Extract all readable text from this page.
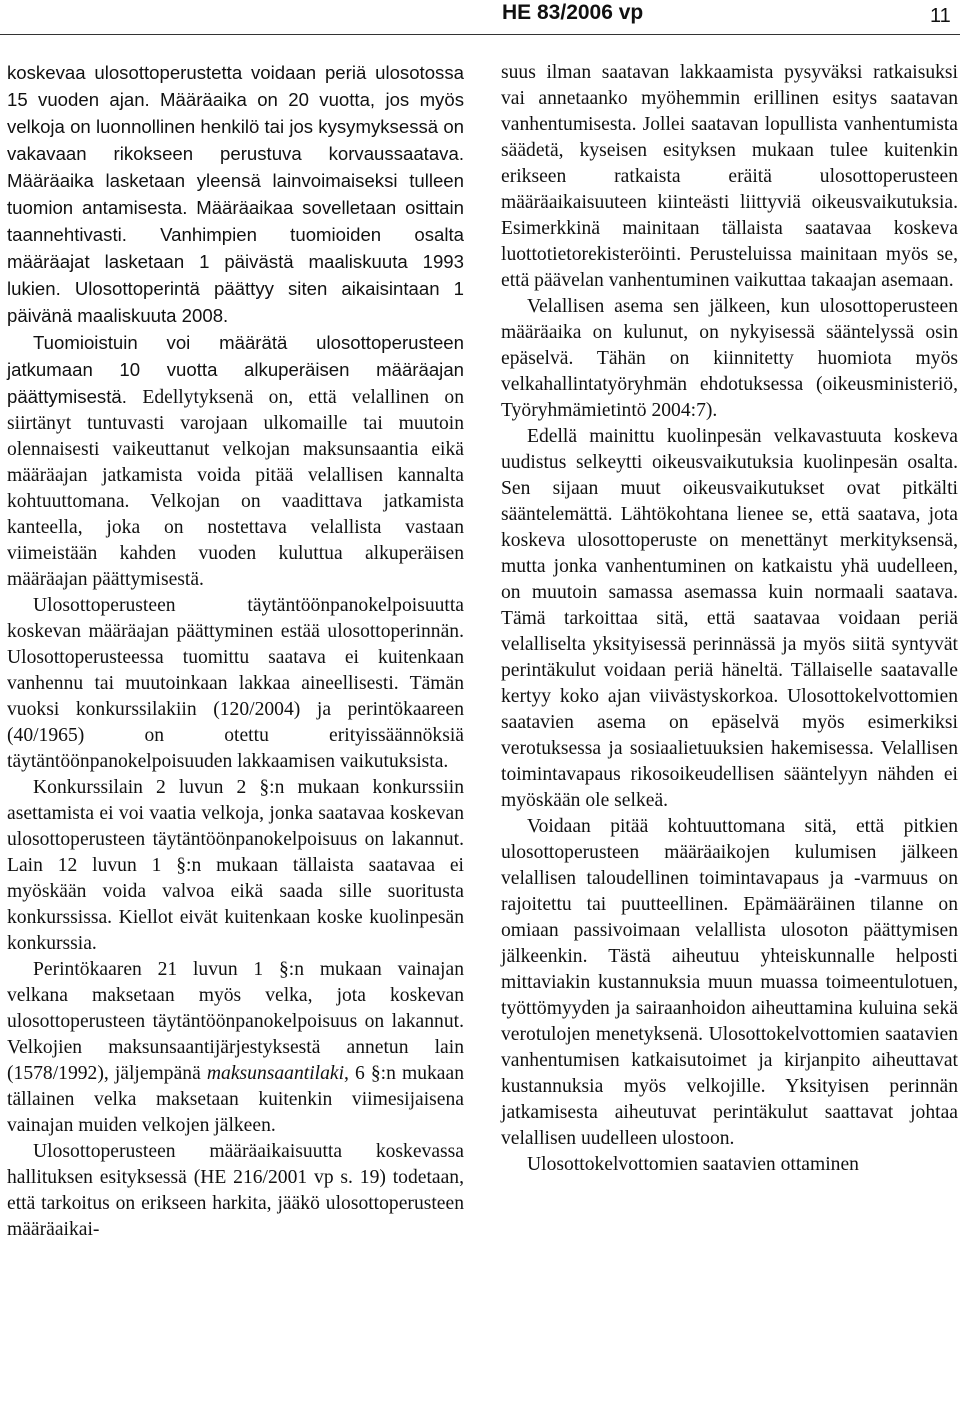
HE 83/2006 vp	11

koskevaa ulosottoperustetta voidaan periä ulosotossa 15 vuoden ajan. Määräaika on 20 vuotta, jos myös velkoja on luonnollinen henkilö tai jos kysymyksessä on vakavaan rikokseen perustuva korvaussaatava. Määräaika lasketaan yleensä lainvoimaiseksi tulleen tuomion antamisesta. Määräaikaa sovelletaan osittain taannehtivasti. Vanhimpien tuomioiden osalta määräajat lasketaan 1 päivästä maaliskuuta 1993 lukien. Ulosottoperintä päättyy siten aikaisintaan 1 päivänä maaliskuuta 2008.

Tuomioistuin voi määrätä ulosottoperusteen jatkumaan 10 vuotta alkuperäisen määräajan päättymisestä. Edellytyksenä on, että velallinen on siirtänyt tuntuvasti varojaan ulkomaille tai muutoin olennaisesti vaikeuttanut velkojan maksunsaantia eikä määräajan jatkamista voida pitää velallisen kannalta kohtuuttomana. Velkojan on vaadittava jatkamista kanteella, joka on nostettava velallista vastaan viimeistään kahden vuoden kuluttua alkuperäisen määräajan päättymisestä.

Ulosottoperusteen täytäntöönpanokelpoisuutta koskevan määräajan päättyminen estää ulosottoperinnän. Ulosottoperusteessa tuomittu saatava ei kuitenkaan vanhennu tai muutoinkaan lakkaa aineellisesti. Tämän vuoksi konkurssilakiin (120/2004) ja perintökaareen (40/1965) on otettu erityissäännöksiä täytäntöönpanokelpoisuuden lakkaamisen vaikutuksista.

Konkurssilain 2 luvun 2 §:n mukaan konkurssiin asettamista ei voi vaatia velkoja, jonka saatavaa koskevan ulosottoperusteen täytäntöönpanokelpoisuus on lakannut. Lain 12 luvun 1 §:n mukaan tällaista saatavaa ei myöskään voida valvoa eikä saada sille suoritusta konkurssissa. Kiellot eivät kuitenkaan koske kuolinpesän konkurssia.

Perintökaaren 21 luvun 1 §:n mukaan vainajan velkana maksetaan myös velka, jota koskevan ulosottoperusteen täytäntöönpanokelpoisuus on lakannut. Velkojien maksunsaantijärjestyksestä annetun lain (1578/1992), jäljempänä maksunsaantilaki, 6 §:n mukaan tällainen velka maksetaan kuitenkin viimesijaisena vainajan muiden velkojen jälkeen.

Ulosottoperusteen määräaikaisuutta koskevassa hallituksen esityksessä (HE 216/2001 vp s. 19) todetaan, että tarkoitus on erikseen harkita, jääkö ulosottoperusteen määräaikai-

suus ilman saatavan lakkaamista pysyväksi ratkaisuksi vai annetaanko myöhemmin erillinen esitys saatavan vanhentumisesta. Jollei saatavan lopullista vanhentumista säädetä, kyseisen esityksen mukaan tulee kuitenkin erikseen ratkaista eräitä ulosottoperusteen määräaikaisuuteen kiinteästi liittyviä oikeusvaikutuksia. Esimerkkinä mainitaan tällaista saatavaa koskeva luottotietorekisteröinti. Perusteluissa mainitaan myös se, että päävelan vanhentuminen vaikuttaa takaajan asemaan.

Velallisen asema sen jälkeen, kun ulosottoperusteen määräaika on kulunut, on nykyisessä sääntelyssä osin epäselvä. Tähän on kiinnitetty huomiota myös velkahallintatyöryhmän ehdotuksessa (oikeusministeriö, Työryhmämietintö 2004:7).

Edellä mainittu kuolinpesän velkavastuuta koskeva uudistus selkeytti oikeusvaikutuksia kuolinpesän osalta. Sen sijaan muut oikeusvaikutukset ovat pitkälti sääntelemättä. Lähtökohtana lienee se, että saatava, jota koskeva ulosottoperuste on menettänyt merkityksensä, mutta jonka vanhentuminen on katkaistu yhä uudelleen, on muutoin samassa asemassa kuin normaali saatava. Tämä tarkoittaa sitä, että saatavaa voidaan periä velalliselta yksityisessä perinnässä ja myös siitä syntyvät perintäkulut voidaan periä häneltä. Tällaiselle saatavalle kertyy koko ajan viivästyskorkoa. Ulosottokelvottomien saatavien asema on epäselvä myös esimerkiksi verotuksessa ja sosiaalietuuksien hakemisessa. Velallisen toimintavapaus rikosoikeudellisen sääntelyyn nähden ei myöskään ole selkeä.

Voidaan pitää kohtuuttomana sitä, että pitkien ulosottoperusteen määräaikojen kulumisen jälkeen velallisen taloudellinen toimintavapaus ja -varmuus on rajoitettu tai puutteellinen. Epämääräinen tilanne on omiaan passivoimaan velallista ulosoton päättymisen jälkeenkin. Tästä aiheutuu yhteiskunnalle helposti mittaviakin kustannuksia muun muassa toimeentulotuen, työttömyyden ja sairaanhoidon aiheuttamina kuluina sekä verotulojen menetyksenä. Ulosottokelvottomien saatavien vanhentumisen katkaisutoimet ja kirjanpito aiheuttavat kustannuksia myös velkojille. Yksityisen perinnän jatkamisesta aiheutuvat perintäkulut saattavat johtaa velallisen uudelleen ulostoon.

Ulosottokelvottomien saatavien ottaminen
